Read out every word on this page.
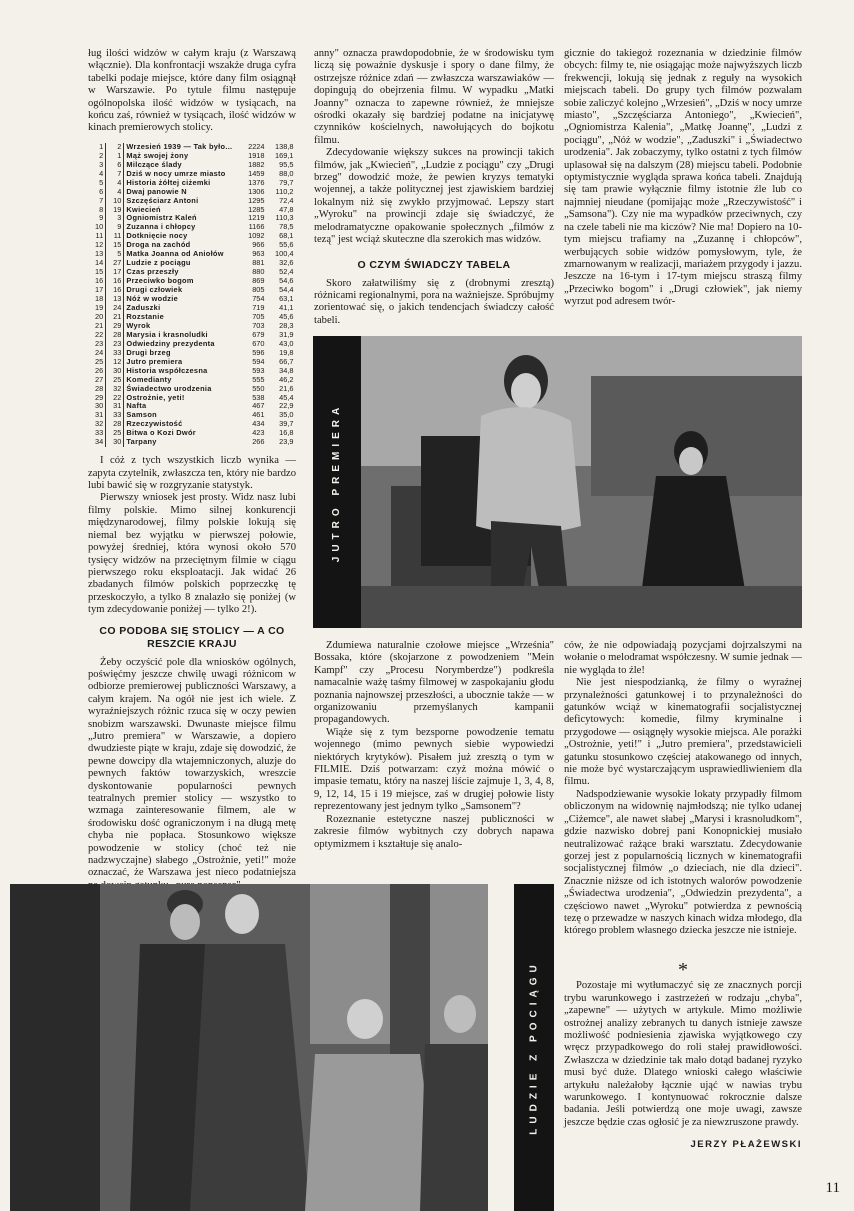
ług ilości widzów w całym kraju (z Warszawą włącznie). Dla konfrontacji wszakże druga cyfra tabelki podaje miejsce, które dany film osiągnął w Warszawie. Po tytule filmu następuje ogólnopolska ilość widzów w tysiącach, na końcu zaś, również w tysiącach, ilość widzów w kinach premierowych stolicy.

1	2	Wrzesień 1939 — Tak było...	2224	138,8
2	1	Mąż swojej żony	1918	169,1
3	6	Milczące ślady	1882	95,5
4	7	Dziś w nocy umrze miasto	1459	88,0
5	4	Historia żółtej ciżemki	1376	79,7
6	4	Dwaj panowie N	1306	110,2
7	10	Szczęściarz Antoni	1295	72,4
8	19	Kwiecień	1285	47,8
9	3	Ogniomistrz Kaleń	1219	110,3
10	9	Zuzanna i chłopcy	1166	78,5
11	11	Dotknięcie nocy	1092	68,1
12	15	Droga na zachód	966	55,6
13	5	Matka Joanna od Aniołów	963	100,4
14	27	Ludzie z pociągu	881	32,6
15	17	Czas przeszły	880	52,4
16	16	Przeciwko bogom	869	54,6
17	16	Drugi człowiek	805	54,4
18	13	Nóż w wodzie	754	63,1
19	24	Zaduszki	719	41,1
20	21	Rozstanie	705	45,6
21	29	Wyrok	703	28,3
22	28	Marysia i krasnoludki	679	31,9
23	23	Odwiedziny prezydenta	670	43,0
24	33	Drugi brzeg	596	19,8
25	12	Jutro premiera	594	66,7
26	30	Historia współczesna	593	34,8
27	25	Komedianty	555	46,2
28	32	Świadectwo urodzenia	550	21,6
29	22	Ostrożnie, yeti!	538	45,4
30	31	Nafta	467	22,9
31	33	Samson	461	35,0
32	28	Rzeczywistość	434	39,7
33	25	Bitwa o Kozi Dwór	423	16,8
34	30	Tarpany	266	23,9

I cóż z tych wszystkich liczb wynika — zapyta czytelnik, zwłaszcza ten, który nie bardzo lubi bawić się w rozgryzanie statystyk.

Pierwszy wniosek jest prosty. Widz nasz lubi filmy polskie. Mimo silnej konkurencji międzynarodowej, filmy polskie lokują się niemal bez wyjątku w pierwszej połowie, powyżej średniej, która wynosi około 570 tysięcy widzów na przeciętnym filmie w ciągu pierwszego roku eksploatacji. Jak widać 26 zbadanych filmów polskich poprzeczkę tę przeskoczyło, a tylko 8 znalazło się poniżej (w tym zdecydowanie poniżej — tylko 2!).

CO PODOBA SIĘ STOLICY — A CO RESZCIE KRAJU

Żeby oczyścić pole dla wniosków ogólnych, poświęćmy jeszcze chwilę uwagi różnicom w odbiorze premierowej publiczności Warszawy, a całym krajem. Na ogół nie jest ich wiele. Z wyraźniejszych różnic rzuca się w oczy pewien snobizm warszawski. Dwunaste miejsce filmu „Jutro premiera" w Warszawie, a dopiero dwudzieste piąte w kraju, zdaje się dowodzić, że pewne dowcipy dla wtajemniczonych, aluzje do pewnych faktów towarzyskich, wreszcie dyskontowanie popularności pewnych teatralnych premier stolicy — wszystko to wzmaga zainteresowanie filmem, ale w środowisku dość ograniczonym i na długą metę chyba nie popłaca. Stosunkowo większe powodzenie w stolicy (choć też nie nadzwyczajne) słabego „Ostrożnie, yeti!" może oznaczać, że Warszawa jest nieco podatniejsza

anny" oznacza prawdopodobnie, że w środowisku tym liczą się poważnie dyskusje i spory o dane filmy, że ostrzejsze różnice zdań — zwłaszcza warszawiaków — dopingują do obejrzenia filmu. W wypadku „Matki Joanny" oznacza to zapewne również, że mniejsze ośrodki okazały się bardziej podatne na inicjatywę czynników kościelnych, nawołujących do bojkotu filmu.

Zdecydowanie większy sukces na prowincji takich filmów, jak „Kwiecień", „Ludzie z pociągu" czy „Drugi brzeg" dowodzić może, że pewien kryzys tematyki wojennej, a także politycznej jest zjawiskiem bardziej lokalnym niż się zwykło przyjmować. Lepszy start „Wyroku" na prowincji zdaje się świadczyć, że melodramatyczne opakowanie społecznych „filmów z tezą" jest wciąż skuteczne dla szerokich mas widzów.

O CZYM ŚWIADCZY TABELA

Skoro załatwiliśmy się z (drobnymi zresztą) różnicami regionalnymi, pora na ważniejsze. Spróbujmy zorientować się, o jakich tendencjach świadczy całość tabeli.

gicznie do takiegoż rozeznania w dziedzinie filmów obcych: filmy te, nie osiągając może najwyższych liczb frekwencji, lokują się jednak z reguły na wysokich miejscach tabeli. Do grupy tych filmów pozwalam sobie zaliczyć kolejno „Wrzesień", „Dziś w nocy umrze miasto", „Szczęściarza Antoniego", „Kwiecień", „Ogniomistrza Kalenia", „Matkę Joannę", „Ludzi z pociągu", „Nóż w wodzie", „Zaduszki" i „Świadectwo urodzenia". Jak zobaczymy, tylko ostatni z tych filmów uplasował się na dalszym (28) miejscu tabeli. Podobnie optymistycznie wygląda sprawa końca tabeli. Znajdują się tam prawie wyłącznie filmy istotnie źle lub co najmniej nieudane (pomijając może „Rzeczywistość" i „Samsona"). Czy nie ma wypadków przeciwnych, czy na czele tabeli nie ma kiczów? Nie ma! Dopiero na 10-tym miejscu trafiamy na „Zuzannę i chłopców", werbujących sobie widzów pomysłowym, tyle, że zmarnowanym w realizacji, mariażem przygody i jazzu. Jeszcze na 16-tym i 17-tym miejscu straszą filmy „Przeciwko bogom" i „Drugi człowiek", jak niemy wyrzut pod adresem twór-

JUTRO PREMIERA

Zdumiewa naturalnie czołowe miejsce „Września" Bossaka, które (skojarzone z powodzeniem "Mein Kampf" czy „Procesu Norymberdze") podkreśla namacalnie ważę taśmy filmowej w zaspokajaniu głodu poznania najnowszej przeszłości, a ubocznie także — w organizowaniu przemyślanych kampanii propagandowych.

Wiąże się z tym bezsporne powodzenie tematu wojennego (mimo pewnych siebie wypowiedzi niektórych krytyków). Pisałem już zresztą o tym w FILMIE. Dziś potwarzam: czyż można mówić o impasie tematu, który na naszej liście zajmuje 1, 3, 4, 8, 9, 12, 14, 15 i 19 miejsce, zaś w drugiej połowie listy reprezentowany jest jednym tylko „Samsonem"?

Rozeznanie estetyczne naszej publiczności w zakresie filmów wybitnych czy dobrych napawa optymizmem i kształtuje się analo-

ców, że nie odpowiadają pozycjami dojrzalszymi na wołanie o melodramat współczesny. W sumie jednak — nie wygląda to źle!

Nie jest niespodzianką, że filmy o wyraźnej przynależności gatunkowej i to przynależności do gatunków wciąż w kinematografii socjalistycznej deficytowych: komedie, filmy kryminalne i przygodowe — osiągnęły wysokie miejsca. Ale porażki „Ostrożnie, yeti!" i „Jutro premiera", przedstawicieli gatunku stosunkowo częściej atakowanego od innych, nie może być wystarczającym usprawiedliwieniem dla filmu.

Nadspodziewanie wysokie lokaty przypadły filmom obliczonym na widownię najmłodszą; nie tylko udanej „Ciżemce", ale nawet słabej „Marysi i krasnoludkom", gdzie nazwisko dobrej pani Konopnickiej musiało neutralizować rażące braki warsztatu. Zdecydowanie gorzej jest z popularnością licznych w kinematografii socjalistycznej filmów „o dzieciach, nie dla dzieci". Znacznie niższe od ich istotnych walorów powodzenie „Świadectwa urodzenia", „Odwiedzin prezydenta", a częściowo nawet „Wyroku" potwierdza z pewnością tezę o przewadze w naszych kinach widza młodego, dla którego problem własnego dziecka jeszcze nie istnieje.

LUDZIE Z POCIĄGU	*

Pozostaje mi wytłumaczyć się ze znacznych porcji trybu warunkowego i zastrzeżeń w rodzaju „chyba", „zapewne" — użytych w artykule. Mimo możliwie ostrożnej analizy zebranych tu danych istnieje zawsze możliwość podniesienia zjawiska wyjątkowego czy wręcz przypadkowego do roli stałej prawidłowości. Zwłaszcza w dziedzinie tak mało dotąd badanej ryzyko musi być duże. Dlatego wnioski całego właściwie artykułu należałoby łącznie ująć w nawias trybu warunkowego. I kontynuować rokrocznie dalsze badania. Jeśli potwierdzą one moje uwagi, zawsze jeszcze będzie czas ogłosić je za niewzruszone prawdy.

JERZY PŁAŻEWSKI
11
